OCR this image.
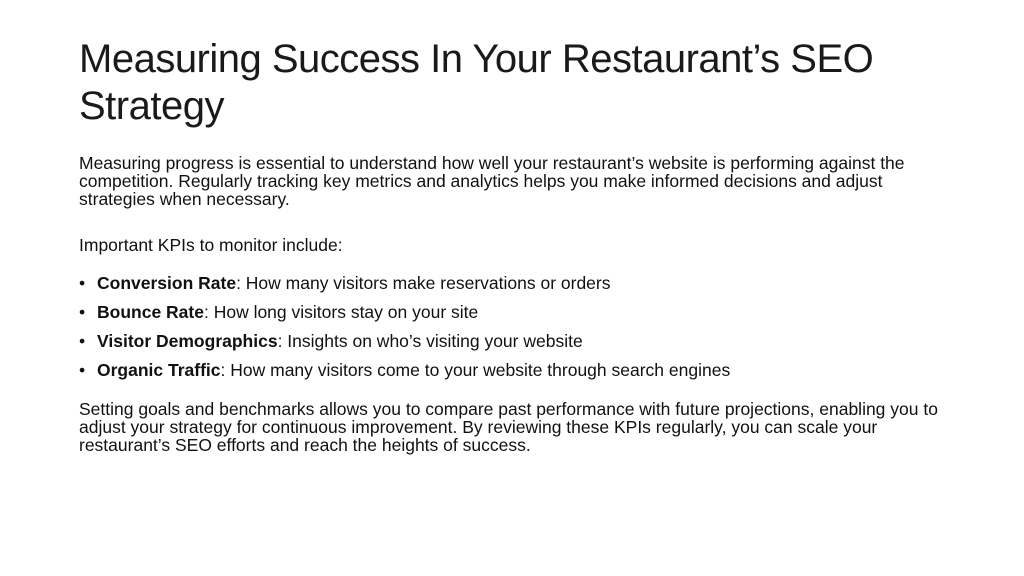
Measuring Success In Your Restaurant’s SEO Strategy

Measuring progress is essential to understand how well your restaurant’s website is performing against the competition. Regularly tracking key metrics and analytics helps you make informed decisions and adjust strategies when necessary.

Important KPIs to monitor include:

• Conversion Rate: How many visitors make reservations or orders
• Bounce Rate: How long visitors stay on your site
• Visitor Demographics: Insights on who’s visiting your website
• Organic Traffic: How many visitors come to your website through search engines

Setting goals and benchmarks allows you to compare past performance with future projections, enabling you to adjust your strategy for continuous improvement. By reviewing these KPIs regularly, you can scale your restaurant’s SEO efforts and reach the heights of success.
